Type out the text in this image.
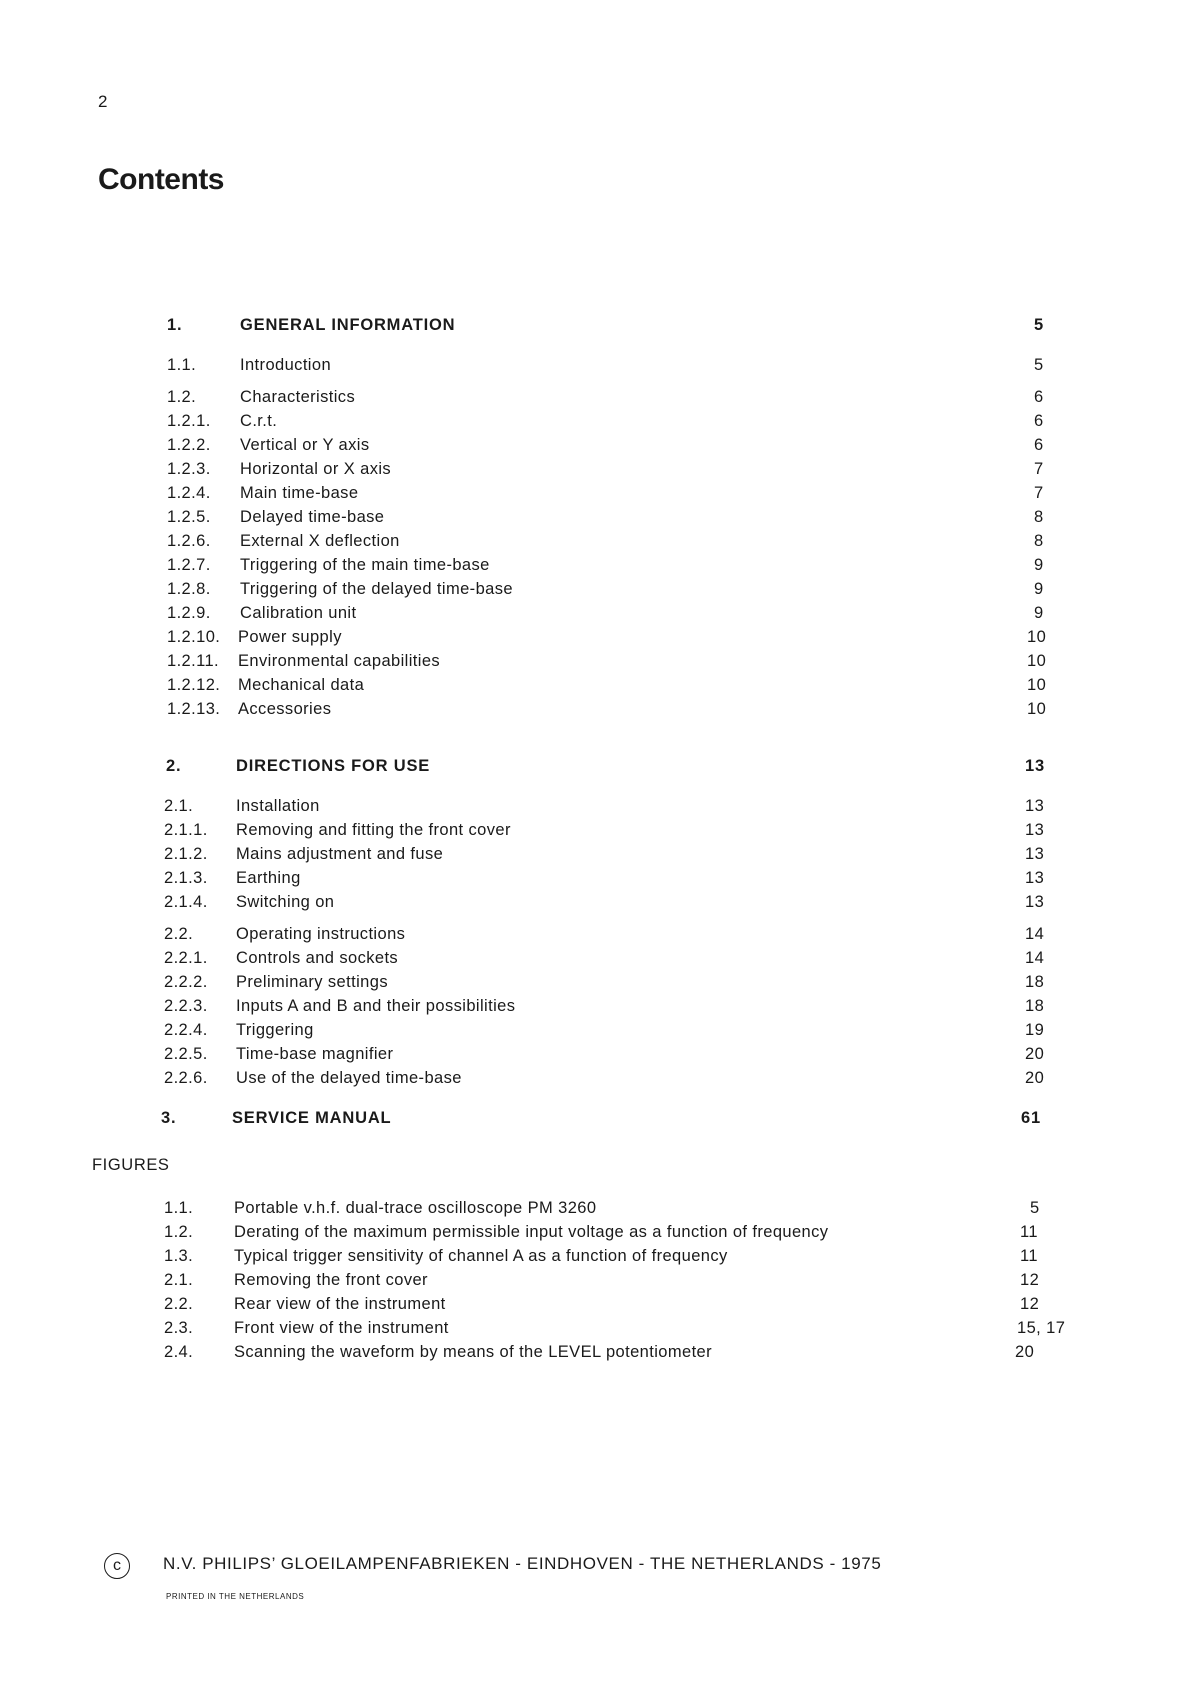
2
Contents
1.	GENERAL INFORMATION	5
1.1.	Introduction	5
1.2.	Characteristics	6
1.2.1. C.r.t.	6
1.2.2. Vertical or Y axis	6
1.2.3. Horizontal or X axis	7
1.2.4. Main time-base	7
1.2.5. Delayed time-base	8
1.2.6. External X deflection	8
1.2.7. Triggering of the main time-base	9
1.2.8. Triggering of the delayed time-base	9
1.2.9. Calibration unit	9
1.2.10. Power supply	10
1.2.11. Environmental capabilities	10
1.2.12. Mechanical data	10
1.2.13. Accessories	10
2.	DIRECTIONS FOR USE	13
2.1.	Installation	13
2.1.1. Removing and fitting the front cover	13
2.1.2. Mains adjustment and fuse	13
2.1.3. Earthing	13
2.1.4. Switching on	13
2.2.	Operating instructions	14
2.2.1. Controls and sockets	14
2.2.2. Preliminary settings	18
2.2.3. Inputs A and B and their possibilities	18
2.2.4. Triggering	19
2.2.5. Time-base magnifier	20
2.2.6. Use of the delayed time-base	20
3.	SERVICE MANUAL	61
FIGURES
1.1. Portable v.h.f. dual-trace oscilloscope PM 3260	5
1.2. Derating of the maximum permissible input voltage as a function of frequency	11
1.3. Typical trigger sensitivity of channel A as a function of frequency	11
2.1. Removing the front cover	12
2.2. Rear view of the instrument	12
2.3. Front view of the instrument	15, 17
2.4. Scanning the waveform by means of the LEVEL potentiometer	20
c N.V. PHILIPS’ GLOEILAMPENFABRIEKEN - EINDHOVEN - THE NETHERLANDS - 1975
PRINTED IN THE NETHERLANDS
